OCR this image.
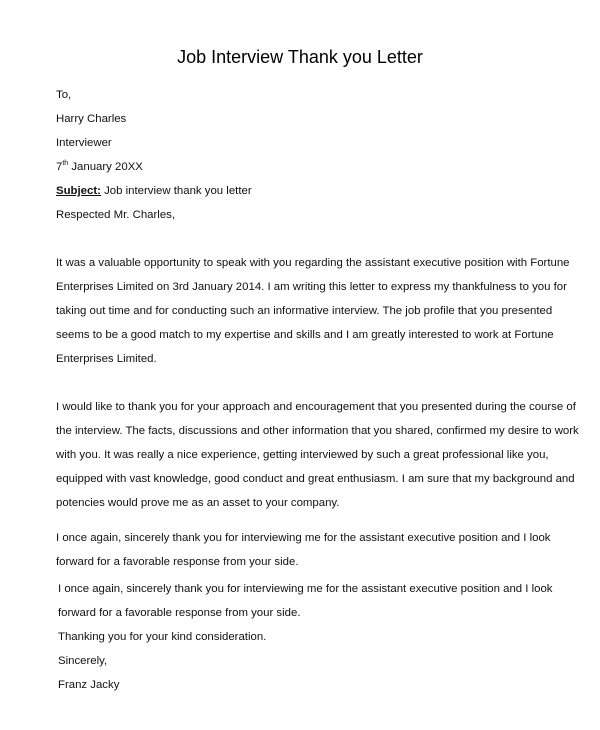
Job Interview Thank you Letter
To,
Harry Charles
Interviewer
7th January 20XX
Subject: Job interview thank you letter
Respected Mr. Charles,
It was a valuable opportunity to speak with you regarding the assistant executive position with Fortune
Enterprises Limited on 3rd January 2014. I am writing this letter to express my thankfulness to you for
taking out time and for conducting such an informative interview. The job profile that you presented
seems to be a good match to my expertise and skills and I am greatly interested to work at Fortune
Enterprises Limited.
I would like to thank you for your approach and encouragement that you presented during the course of
the interview. The facts, discussions and other information that you shared, confirmed my desire to work
with you. It was really a nice experience, getting interviewed by such a great professional like you,
equipped with vast knowledge, good conduct and great enthusiasm. I am sure that my background and
potencies would prove me as an asset to your company.
I once again, sincerely thank you for interviewing me for the assistant executive position and I look
forward for a favorable response from your side.
I once again, sincerely thank you for interviewing me for the assistant executive position and I look
forward for a favorable response from your side.
Thanking you for your kind consideration.
Sincerely,
Franz Jacky
